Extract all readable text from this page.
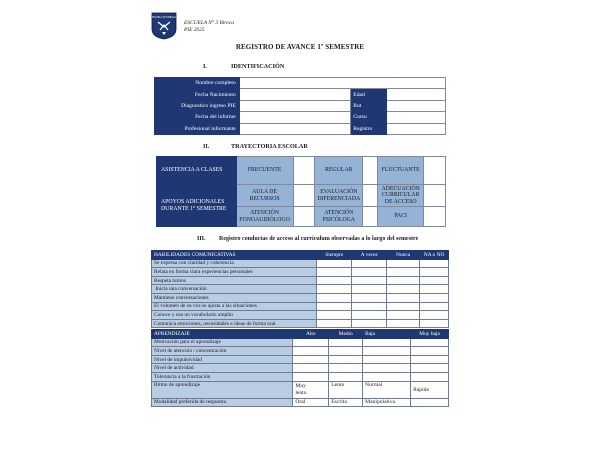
ESCUELA N°3 BIROCA
ESCUELA N° 3 Biroca
PIE 2025
REGISTRO DE AVANCE 1º SEMESTRE
I.	IDENTIFICACIÓN
Nombre completo			
Fecha Nacimiento		Edad	
Diagnostico ingreso PIE		Rut	
Fecha del informe		Curso	
Profesional informante		Registro	
II.	TRAYECTORIA ESCOLAR
ASISTENCIA A CLASES	FRECUENTE		REGULAR		FLUCTUANTE	
APOYOS ADICIONALES DURANTE 1° SEMESTRE	AULA DE RECURSOS		EVALUACIÓN DIFERENCIADA		ADECUACIÓN CURRICULAR DE ACCESO	
	ATENCIÓN FONOAUDIÓLOGO		ATENCIÓN PSICÓLOGA		PACI	
III. Registro conductas de acceso al currículum observadas a lo largo del semestre
HABILIDADES COMUNICATIVAS	Siempre	A veces	Nunca	NA o NO
Se expresa con claridad y coherencia				
Relata en forma clara experiencias personales				
Respeta turnos				
Inicia una conversación				
Mantiene conversaciones				
El volumen de su voz se ajusta a las situaciones				
Conoce y usa un vocabulario amplio				
Comunica emociones, necesidades e ideas de forma oral.				
APRENDIZAJE	Alto	Medio	Baja	Muy baja
Motivación para el aprendizaje				
Nivel de atención / concentración				
Nivel de impulsividad				
Nivel de actividad				
Tolerancia a la frustración				
Ritmo de aprendizaje	Muy lento	Lento	Normal	Rápido
Modalidad preferida de respuesta	Oral	Escrita	Manipulativa	
